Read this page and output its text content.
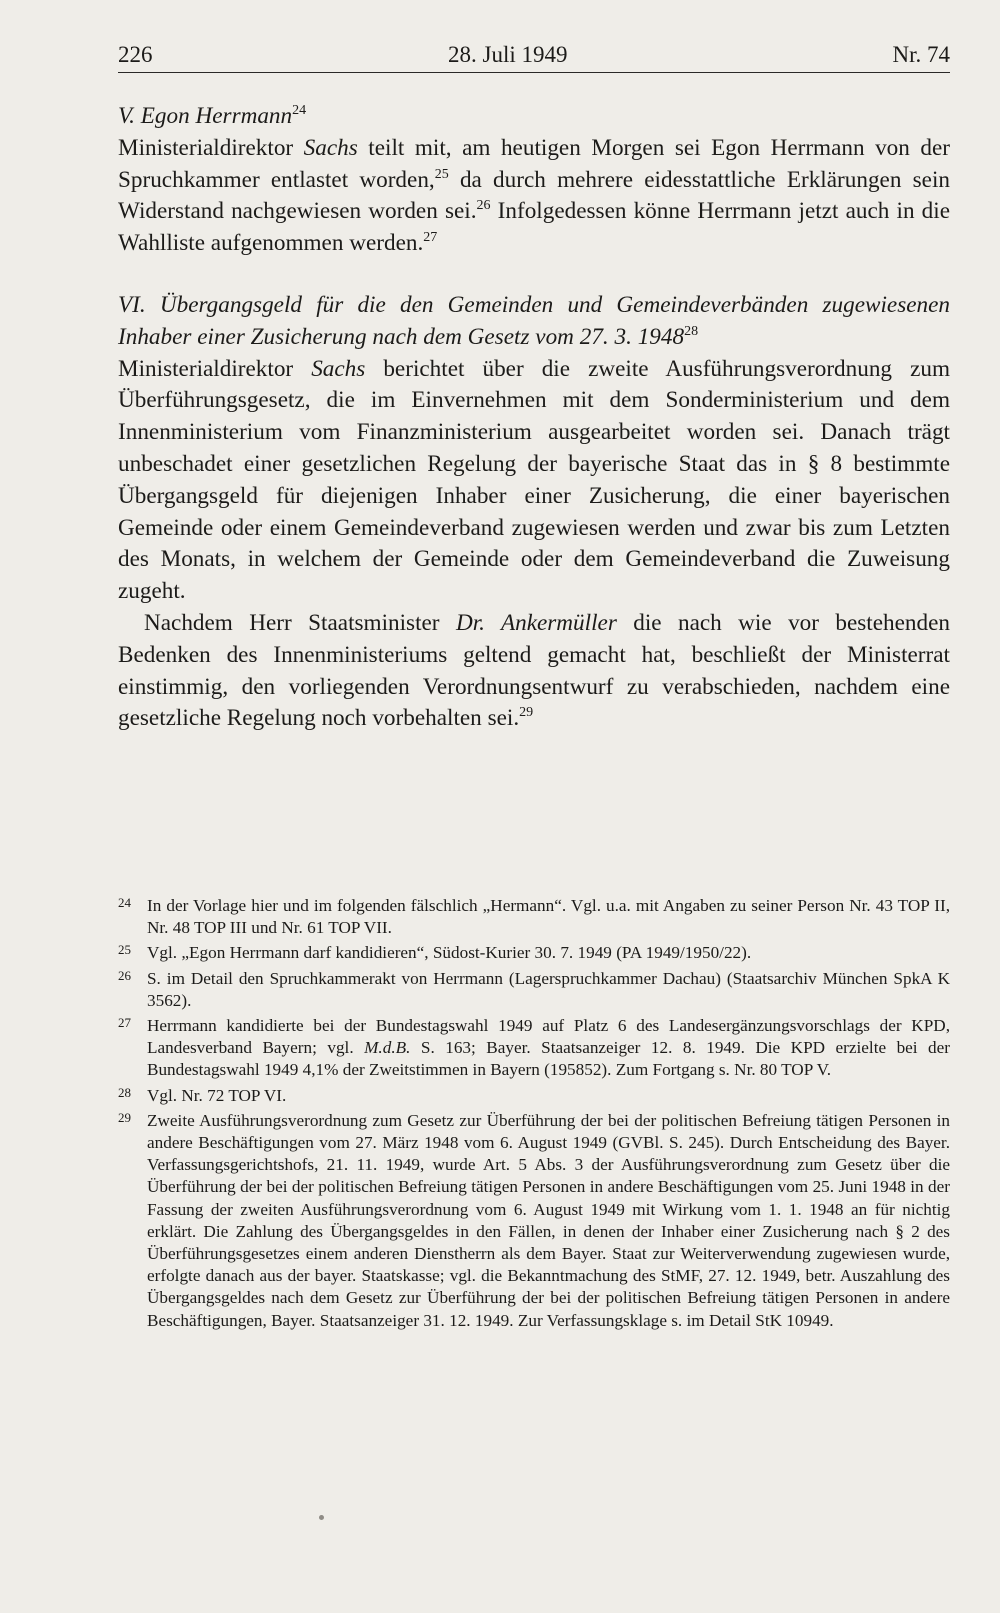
226	28. Juli 1949	Nr. 74
V. Egon Herrmann$^{24}$

Ministerialdirektor Sachs teilt mit, am heutigen Morgen sei Egon Herrmann von der Spruchkammer entlastet worden,$^{25}$ da durch mehrere eidesstattliche Erklärungen sein Widerstand nachgewiesen worden sei.$^{26}$ Infolgedessen könne Herrmann jetzt auch in die Wahlliste aufgenommen werden.$^{27}$

VI. Übergangsgeld für die den Gemeinden und Gemeindeverbänden zugewiesenen Inhaber einer Zusicherung nach dem Gesetz vom 27. 3. 1948$^{28}$

Ministerialdirektor Sachs berichtet über die zweite Ausführungsverordnung zum Überführungsgesetz, die im Einvernehmen mit dem Sonderministerium und dem Innenministerium vom Finanzministerium ausgearbeitet worden sei. Danach trägt unbeschadet einer gesetzlichen Regelung der bayerische Staat das in § 8 bestimmte Übergangsgeld für diejenigen Inhaber einer Zusicherung, die einer bayerischen Gemeinde oder einem Gemeindeverband zugewiesen werden und zwar bis zum Letzten des Monats, in welchem der Gemeinde oder dem Gemeindeverband die Zuweisung zugeht.

Nachdem Herr Staatsminister Dr. Ankermüller die nach wie vor bestehenden Bedenken des Innenministeriums geltend gemacht hat, beschließt der Ministerrat einstimmig, den vorliegenden Verordnungsentwurf zu verabschieden, nachdem eine gesetzliche Regelung noch vorbehalten sei.$^{29}$

24 In der Vorlage hier und im folgenden fälschlich „Hermann“. Vgl. u.a. mit Angaben zu seiner Person Nr. 43 TOP II, Nr. 48 TOP III und Nr. 61 TOP VII.
25 Vgl. „Egon Herrmann darf kandidieren“, Südost-Kurier 30. 7. 1949 (PA 1949/1950/22).
26 S. im Detail den Spruchkammerakt von Herrmann (Lagerspruchkammer Dachau) (Staatsarchiv München SpkA K 3562).
27 Herrmann kandidierte bei der Bundestagswahl 1949 auf Platz 6 des Landesergänzungsvorschlags der KPD, Landesverband Bayern; vgl. M.d.B. S. 163; Bayer. Staatsanzeiger 12. 8. 1949. Die KPD erzielte bei der Bundestagswahl 1949 4,1% der Zweitstimmen in Bayern (195852). Zum Fortgang s. Nr. 80 TOP V.
28 Vgl. Nr. 72 TOP VI.
29 Zweite Ausführungsverordnung zum Gesetz zur Überführung der bei der politischen Befreiung tätigen Personen in andere Beschäftigungen vom 27. März 1948 vom 6. August 1949 (GVBl. S. 245). Durch Entscheidung des Bayer. Verfassungsgerichtshofs, 21. 11. 1949, wurde Art. 5 Abs. 3 der Ausführungsverordnung zum Gesetz über die Überführung der bei der politischen Befreiung tätigen Personen in andere Beschäftigungen vom 25. Juni 1948 in der Fassung der zweiten Ausführungsverordnung vom 6. August 1949 mit Wirkung vom 1. 1. 1948 an für nichtig erklärt. Die Zahlung des Übergangsgeldes in den Fällen, in denen der Inhaber einer Zusicherung nach § 2 des Überführungsgesetzes einem anderen Dienstherrn als dem Bayer. Staat zur Weiterverwendung zugewiesen wurde, erfolgte danach aus der bayer. Staatskasse; vgl. die Bekanntmachung des StMF, 27. 12. 1949, betr. Auszahlung des Übergangsgeldes nach dem Gesetz zur Überführung der bei der politischen Befreiung tätigen Personen in andere Beschäftigungen, Bayer. Staatsanzeiger 31. 12. 1949. Zur Verfassungsklage s. im Detail StK 10949.
